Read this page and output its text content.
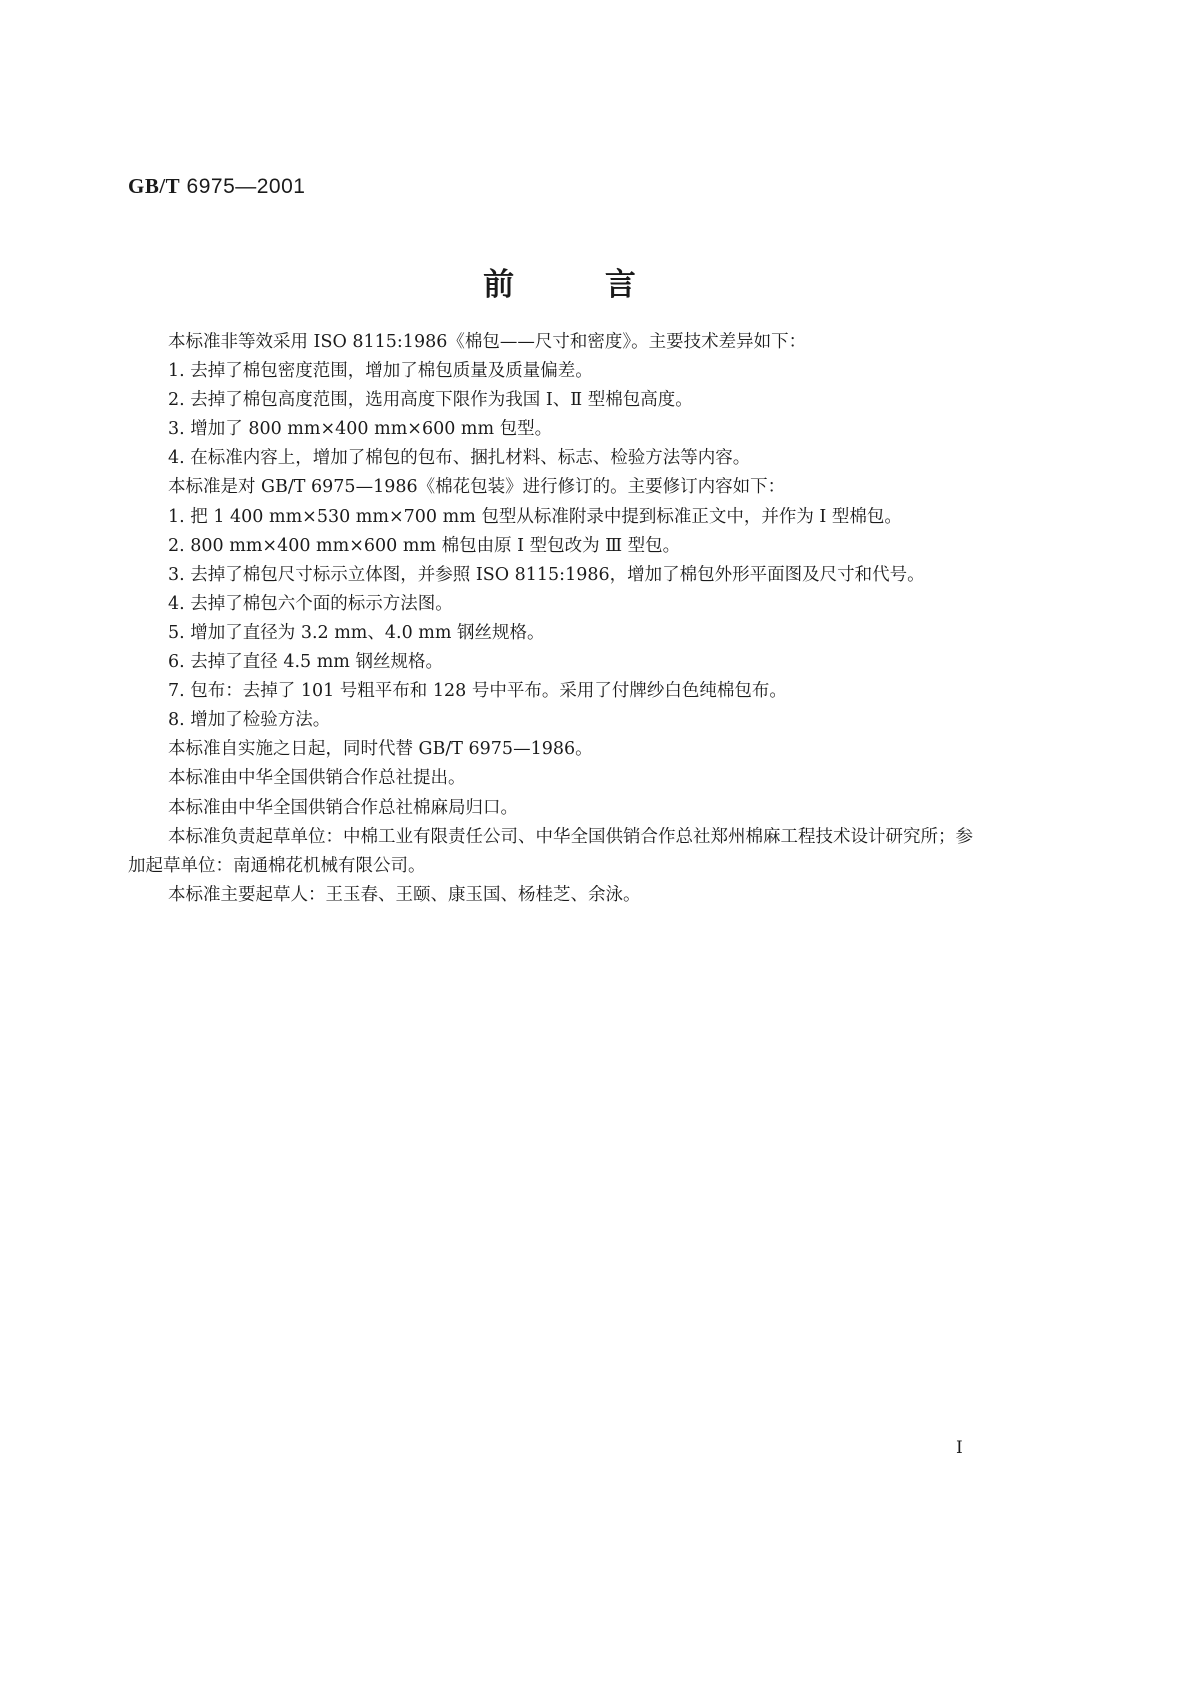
GB/T 6975—2001
前 言

本标准非等效采用 ISO 8115:1986《棉包——尺寸和密度》。主要技术差异如下：

1. 去掉了棉包密度范围，增加了棉包质量及质量偏差。

2. 去掉了棉包高度范围，选用高度下限作为我国 Ⅰ、Ⅱ 型棉包高度。

3. 增加了 800 mm×400 mm×600 mm 包型。

4. 在标准内容上，增加了棉包的包布、捆扎材料、标志、检验方法等内容。

本标准是对 GB/T 6975—1986《棉花包装》进行修订的。主要修订内容如下：

1. 把 1 400 mm×530 mm×700 mm 包型从标准附录中提到标准正文中，并作为 Ⅰ 型棉包。

2. 800 mm×400 mm×600 mm 棉包由原 Ⅰ 型包改为 Ⅲ 型包。

3. 去掉了棉包尺寸标示立体图，并参照 ISO 8115:1986，增加了棉包外形平面图及尺寸和代号。

4. 去掉了棉包六个面的标示方法图。

5. 增加了直径为 3.2 mm、4.0 mm 钢丝规格。

6. 去掉了直径 4.5 mm 钢丝规格。

7. 包布：去掉了 101 号粗平布和 128 号中平布。采用了付牌纱白色纯棉包布。

8. 增加了检验方法。

本标准自实施之日起，同时代替 GB/T 6975—1986。

本标准由中华全国供销合作总社提出。

本标准由中华全国供销合作总社棉麻局归口。

本标准负责起草单位：中棉工业有限责任公司、中华全国供销合作总社郑州棉麻工程技术设计研究所；参加起草单位：南通棉花机械有限公司。

本标准主要起草人：王玉春、王颐、康玉国、杨桂芝、余泳。

Ⅰ
